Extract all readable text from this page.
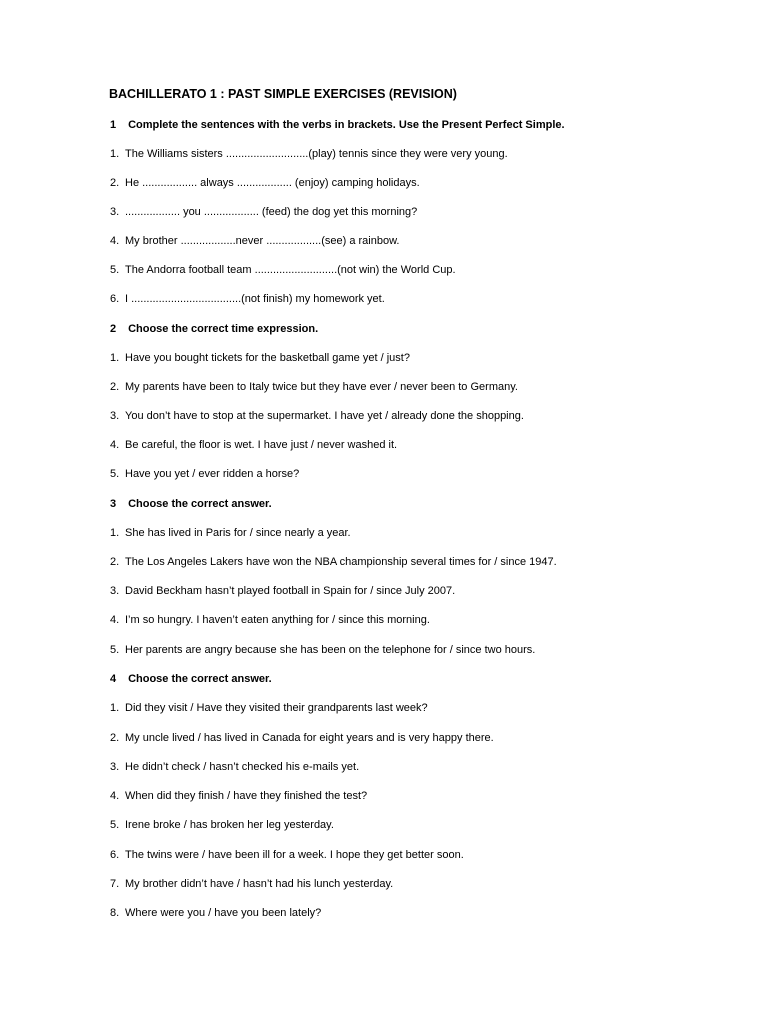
BACHILLERATO 1 : PAST SIMPLE EXERCISES (REVISION)
1 Complete the sentences with the verbs in brackets. Use the Present Perfect Simple.
1. The Williams sisters ...........................(play) tennis since they were very young.
2. He .................. always .................. (enjoy) camping holidays.
3. .................. you .................. (feed) the dog yet this morning?
4. My brother ..................never ..................(see) a rainbow.
5. The Andorra football team ...........................(not win) the World Cup.
6. I ....................................(not finish) my homework yet.
2 Choose the correct time expression.
1. Have you bought tickets for the basketball game yet / just?
2. My parents have been to Italy twice but they have ever / never been to Germany.
3. You don’t have to stop at the supermarket. I have yet / already done the shopping.
4. Be careful, the floor is wet. I have just / never washed it.
5. Have you yet / ever ridden a horse?
3 Choose the correct answer.
1. She has lived in Paris for / since nearly a year.
2. The Los Angeles Lakers have won the NBA championship several times for / since 1947.
3. David Beckham hasn’t played football in Spain for / since July 2007.
4. I’m so hungry. I haven’t eaten anything for / since this morning.
5. Her parents are angry because she has been on the telephone for / since two hours.
4 Choose the correct answer.
1. Did they visit / Have they visited their grandparents last week?
2. My uncle lived / has lived in Canada for eight years and is very happy there.
3. He didn’t check / hasn’t checked his e-mails yet.
4. When did they finish / have they finished the test?
5. Irene broke / has broken her leg yesterday.
6. The twins were / have been ill for a week. I hope they get better soon.
7. My brother didn’t have / hasn’t had his lunch yesterday.
8. Where were you / have you been lately?
